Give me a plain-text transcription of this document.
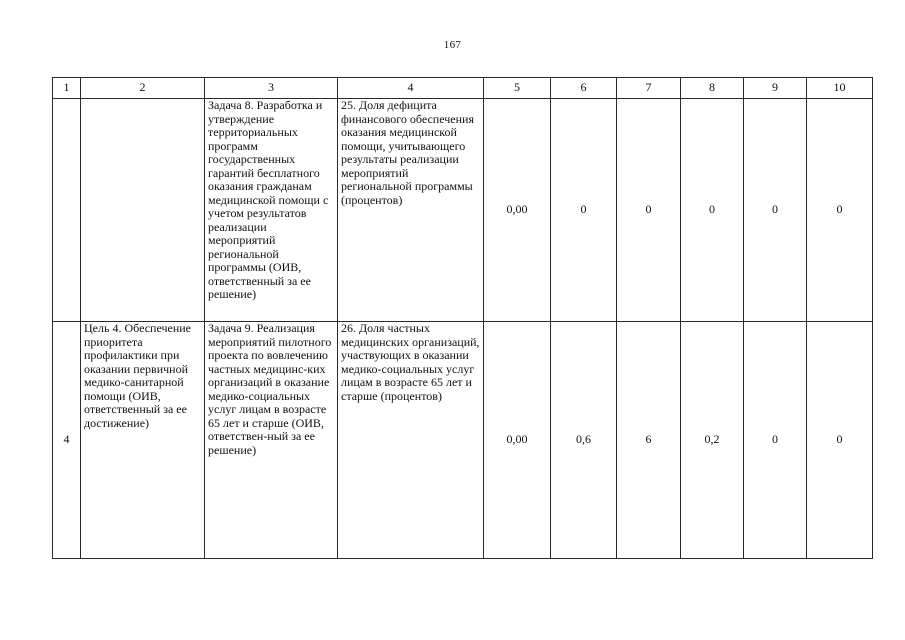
167
1	2	3	4	5	6	7	8	9	10
		Задача 8. Разработка и утверждение территориальных программ государственных гарантий бесплатного оказания гражданам медицинской помощи с учетом результатов реализации мероприятий региональной программы (ОИВ, ответственный за ее решение)	25. Доля дефицита финансового обеспечения оказания медицинской помощи, учитывающего результаты реализации мероприятий региональной программы (процентов)	0,00	0	0	0	0	0
4	Цель 4. Обеспечение приоритета профилактики при оказании первичной медико-санитарной помощи (ОИВ, ответственный за ее достижение)	Задача 9. Реализация мероприятий пилотного проекта по вовлечению частных медицинс-ких организаций в оказание медико-социальных услуг лицам в возрасте 65 лет и старше (ОИВ, ответствен-ный за ее решение)	26. Доля частных медицинских организаций, участвующих в оказании медико-социальных услуг лицам в возрасте 65 лет и старше (процентов)	0,00	0,6	6	0,2	0	0
